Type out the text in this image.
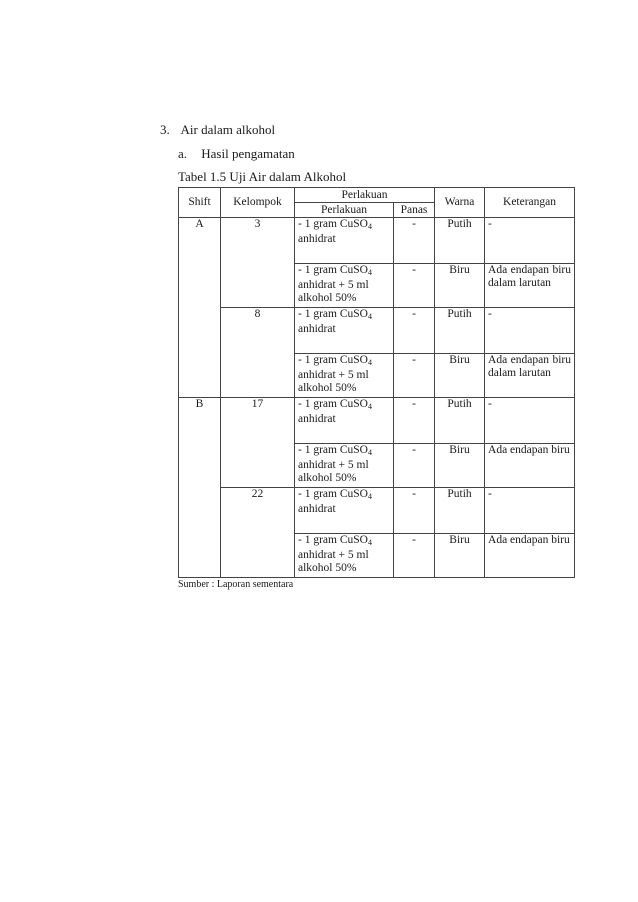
3. Air dalam alkohol
a. Hasil pengamatan
Tabel 1.5 Uji Air dalam Alkohol
Shift	Kelompok	Perlakuan		Warna	Keterangan
		Perlakuan	Panas		
A	3	- 1 gram CuSO$_4$ anhidrat	-	Putih	-
		- 1 gram CuSO$_4$ anhidrat + 5 ml alkohol 50%	-	Biru	Ada endapan biru dalam larutan
	8	- 1 gram CuSO$_4$ anhidrat	-	Putih	-
		- 1 gram CuSO$_4$ anhidrat + 5 ml alkohol 50%	-	Biru	Ada endapan biru dalam larutan
B	17	- 1 gram CuSO$_4$ anhidrat	-	Putih	-
		- 1 gram CuSO$_4$ anhidrat + 5 ml alkohol 50%	-	Biru	Ada endapan biru
	22	- 1 gram CuSO$_4$ anhidrat	-	Putih	-
		- 1 gram CuSO$_4$ anhidrat + 5 ml alkohol 50%	-	Biru	Ada endapan biru
Sumber : Laporan sementara
